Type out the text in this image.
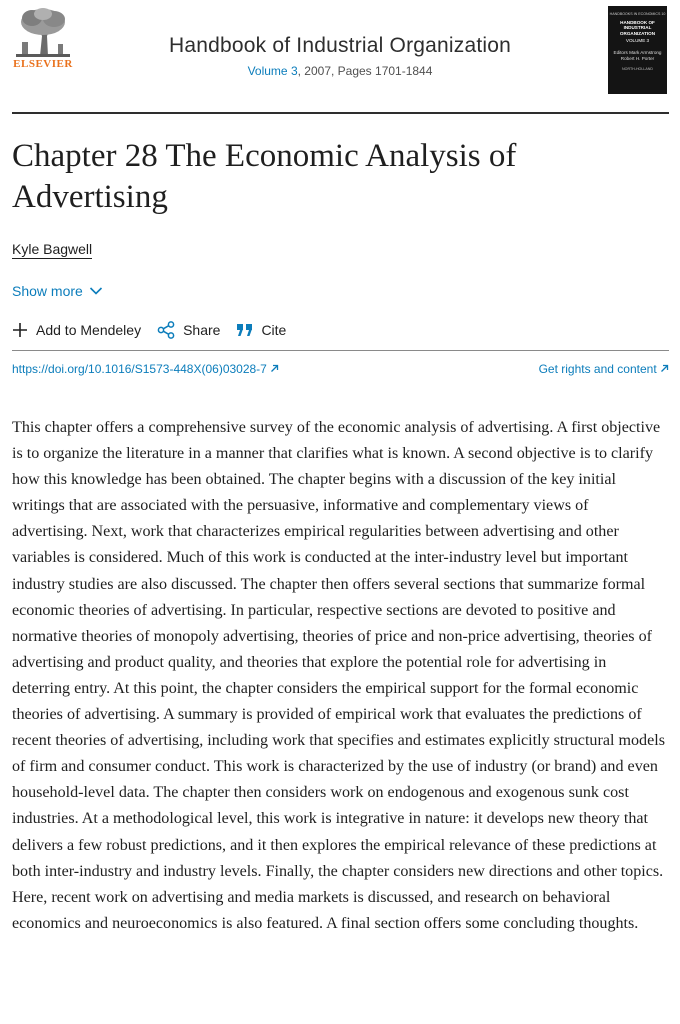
ELSEVIER
Handbook of Industrial Organization
Volume 3, 2007, Pages 1701-1844
HANDBOOKS IN ECONOMICS 10
HANDBOOK OF INDUSTRIAL ORGANIZATION
VOLUME 3
Editors Mark Armstrong Robert H. Porter
NORTH-HOLLAND
Chapter 28 The Economic Analysis of Advertising
Kyle Bagwell
Show more
Add to Mendeley	Share	Cite
https://doi.org/10.1016/S1573-448X(06)03028-7	Get rights and content

This chapter offers a comprehensive survey of the economic analysis of advertising. A first objective is to organize the literature in a manner that clarifies what is known. A second objective is to clarify how this knowledge has been obtained. The chapter begins with a discussion of the key initial writings that are associated with the persuasive, informative and complementary views of advertising. Next, work that characterizes empirical regularities between advertising and other variables is considered. Much of this work is conducted at the inter-industry level but important industry studies are also discussed. The chapter then offers several sections that summarize formal economic theories of advertising. In particular, respective sections are devoted to positive and normative theories of monopoly advertising, theories of price and non-price advertising, theories of advertising and product quality, and theories that explore the potential role for advertising in deterring entry. At this point, the chapter considers the empirical support for the formal economic theories of advertising. A summary is provided of empirical work that evaluates the predictions of recent theories of advertising, including work that specifies and estimates explicitly structural models of firm and consumer conduct. This work is characterized by the use of industry (or brand) and even household-level data. The chapter then considers work on endogenous and exogenous sunk cost industries. At a methodological level, this work is integrative in nature: it develops new theory that delivers a few robust predictions, and it then explores the empirical relevance of these predictions at both inter-industry and industry levels. Finally, the chapter considers new directions and other topics. Here, recent work on advertising and media markets is discussed, and research on behavioral economics and neuroeconomics is also featured. A final section offers some concluding thoughts.
